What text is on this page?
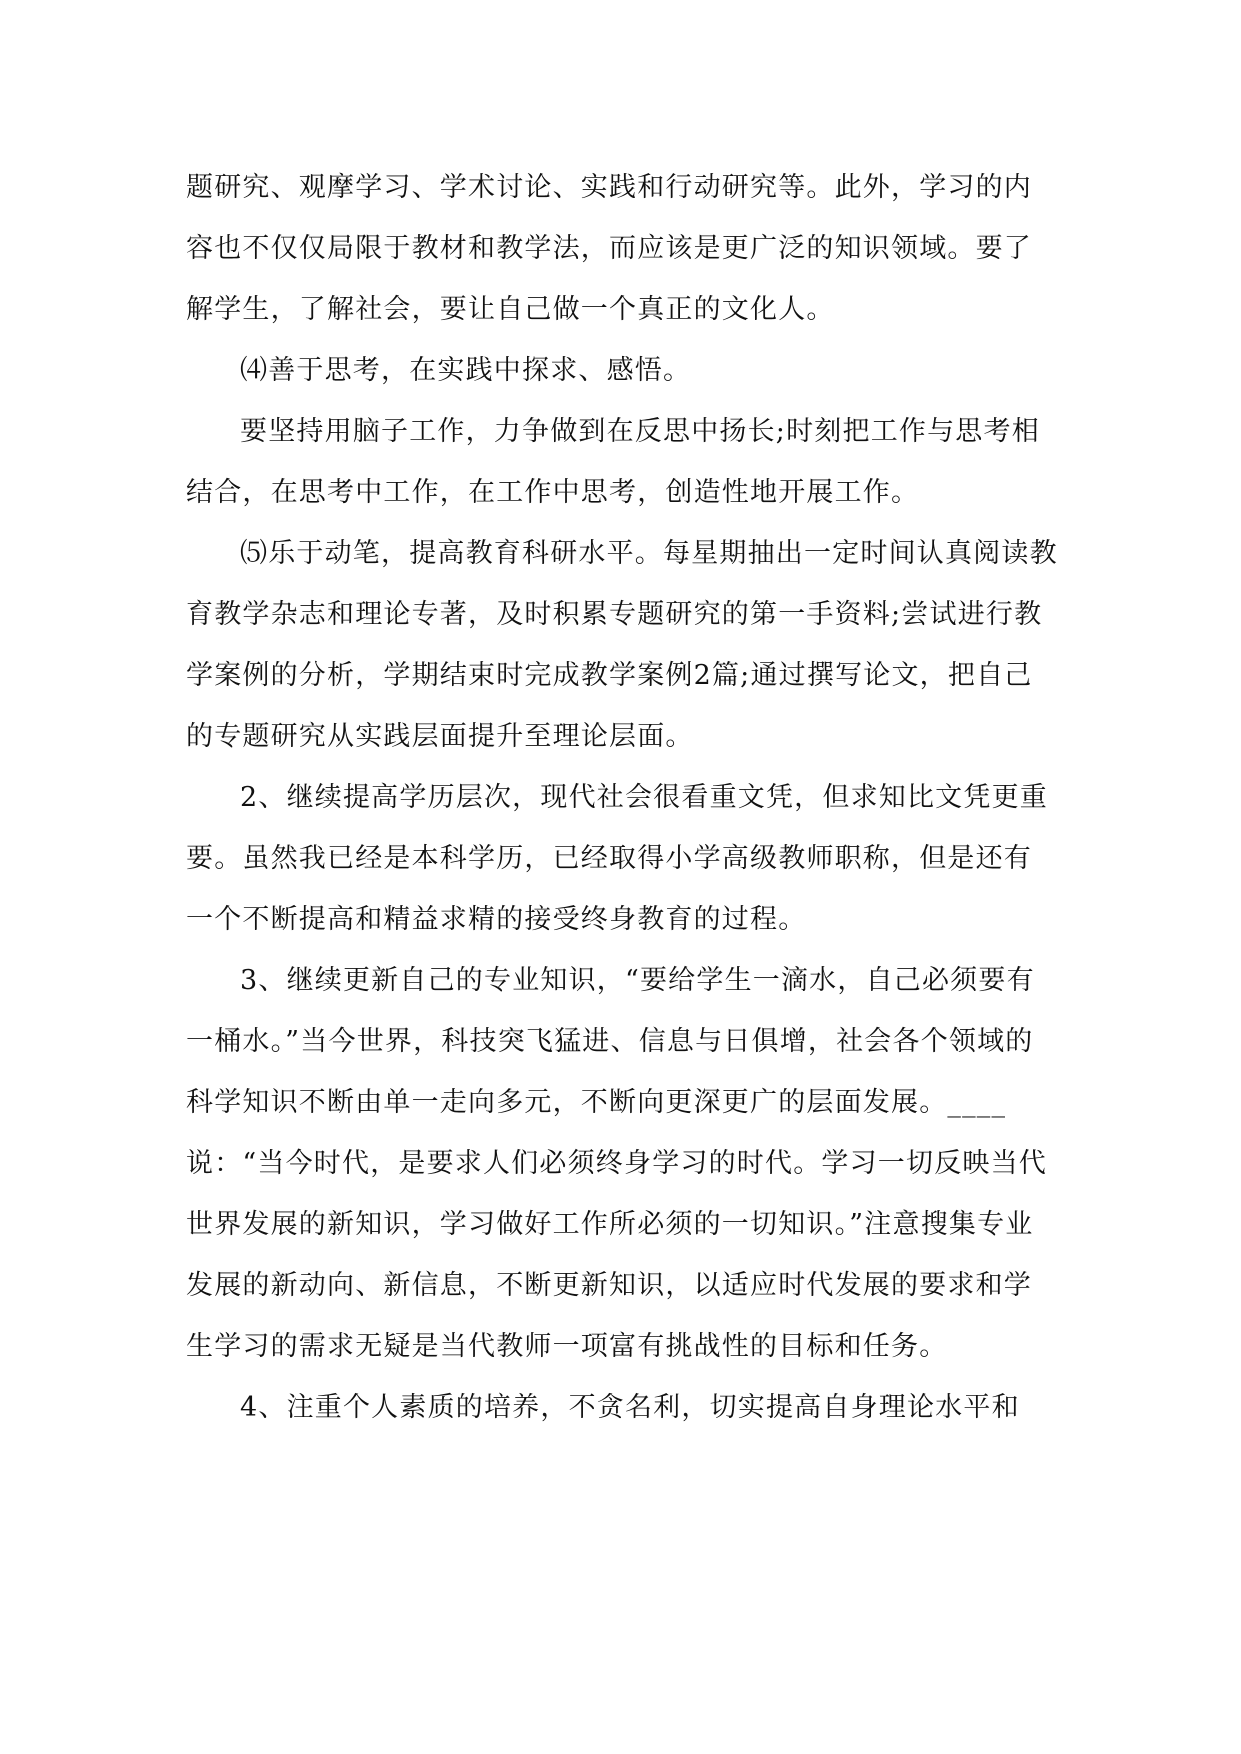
题研究、观摩学习、学术讨论、实践和行动研究等。此外，学习的内容也不仅仅局限于教材和教学法，而应该是更广泛的知识领域。要了解学生，了解社会，要让自己做一个真正的文化人。

⑷善于思考，在实践中探求、感悟。

要坚持用脑子工作，力争做到在反思中扬长;时刻把工作与思考相结合，在思考中工作，在工作中思考，创造性地开展工作。

⑸乐于动笔，提高教育科研水平。每星期抽出一定时间认真阅读教育教学杂志和理论专著，及时积累专题研究的第一手资料;尝试进行教学案例的分析，学期结束时完成教学案例2篇;通过撰写论文，把自己的专题研究从实践层面提升至理论层面。

2、继续提高学历层次，现代社会很看重文凭，但求知比文凭更重要。虽然我已经是本科学历，已经取得小学高级教师职称，但是还有一个不断提高和精益求精的接受终身教育的过程。

3、继续更新自己的专业知识，“要给学生一滴水，自己必须要有一桶水。”当今世界，科技突飞猛进、信息与日俱增，社会各个领域的科学知识不断由单一走向多元，不断向更深更广的层面发展。____说：“当今时代，是要求人们必须终身学习的时代。学习一切反映当代世界发展的新知识，学习做好工作所必须的一切知识。”注意搜集专业发展的新动向、新信息，不断更新知识，以适应时代发展的要求和学生学习的需求无疑是当代教师一项富有挑战性的目标和任务。

4、注重个人素质的培养，不贪名利，切实提高自身理论水平和
